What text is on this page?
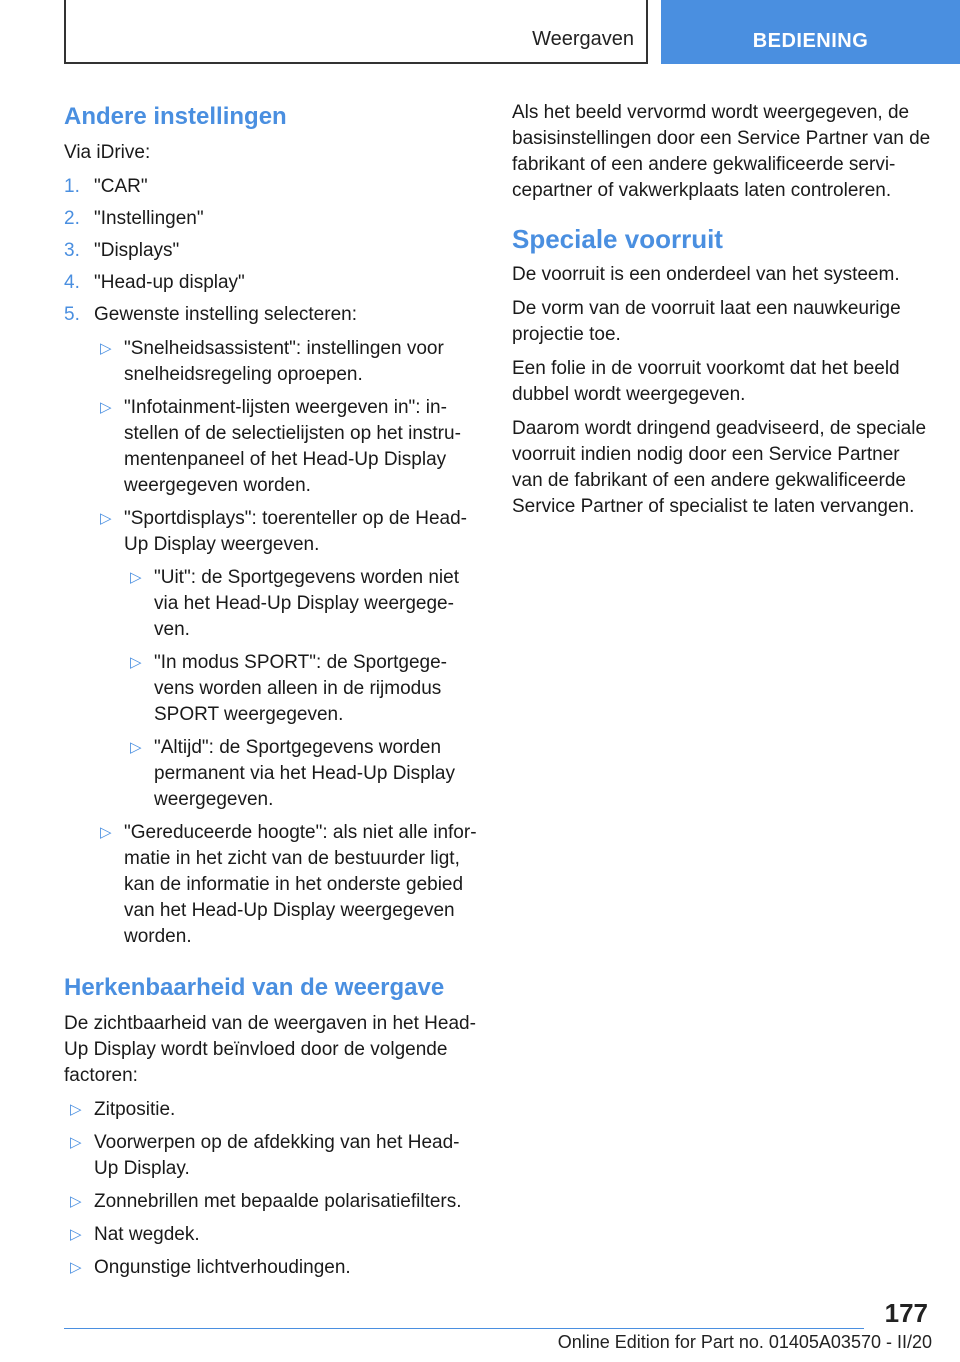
Weergaven	BEDIENING
Andere instellingen

Via iDrive:

1. "CAR"
2. "Instellingen"
3. "Displays"
4. "Head-up display"
5. Gewenste instelling selecteren:
▷ "Snelheidsassistent": instellingen voor snelheidsregeling oproepen.
▷ "Infotainment-lijsten weergeven in": in-stellen of de selectielijsten op het instru-mentenpaneel of het Head-Up Display weergegeven worden.
▷ "Sportdisplays": toerenteller op de Head-Up Display weergeven.
▷ "Uit": de Sportgegevens worden niet via het Head-Up Display weergege-ven.
▷ "In modus SPORT": de Sportgege-vens worden alleen in de rijmodus SPORT weergegeven.
▷ "Altijd": de Sportgegevens worden permanent via het Head-Up Display weergegeven.
▷ "Gereduceerde hoogte": als niet alle infor-matie in het zicht van de bestuurder ligt, kan de informatie in het onderste gebied van het Head-Up Display weergegeven worden.
Herkenbaarheid van de weergave

De zichtbaarheid van de weergaven in het Head-Up Display wordt beïnvloed door de volgende factoren:

▷ Zitpositie.
▷ Voorwerpen op de afdekking van het Head-Up Display.
▷ Zonnebrillen met bepaalde polarisatiefilters.
▷ Nat wegdek.
▷ Ongunstige lichtverhoudingen.

Als het beeld vervormd wordt weergegeven, de basisinstellingen door een Service Partner van de fabrikant of een andere gekwalificeerde servi-cepartner of vakwerkplaats laten controleren.

Speciale voorruit

De voorruit is een onderdeel van het systeem.

De vorm van de voorruit laat een nauwkeurige projectie toe.

Een folie in de voorruit voorkomt dat het beeld dubbel wordt weergegeven.

Daarom wordt dringend geadviseerd, de speciale voorruit indien nodig door een Service Partner van de fabrikant of een andere gekwalificeerde Service Partner of specialist te laten vervangen.

177
Online Edition for Part no. 01405A03570 - II/20
